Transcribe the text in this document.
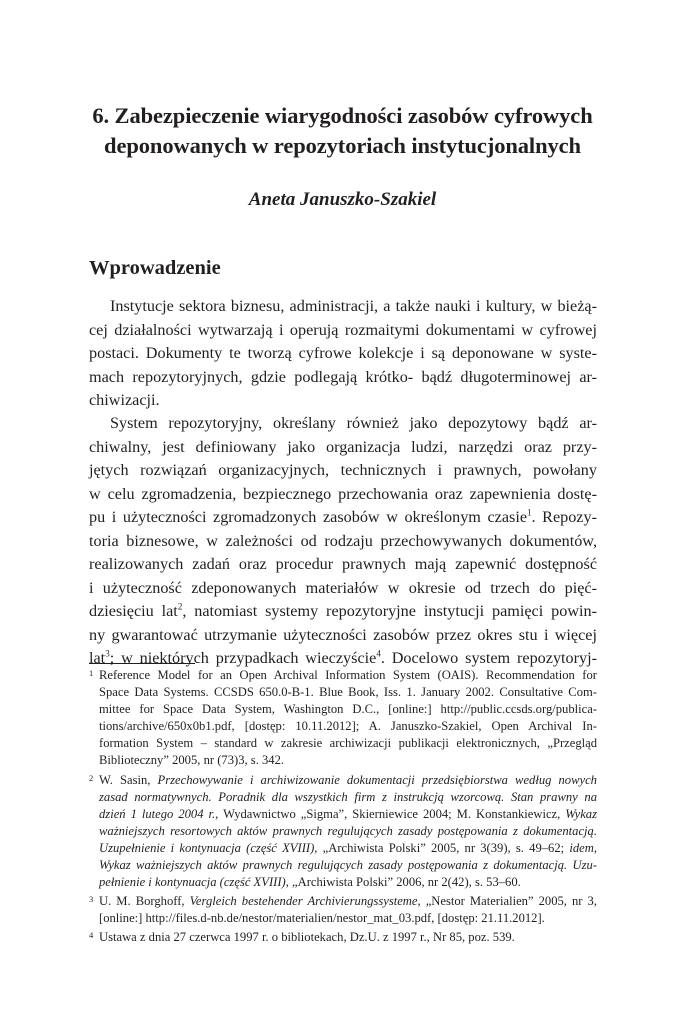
6. Zabezpieczenie wiarygodności zasobów cyfrowych
deponowanych w repozytoriach instytucjonalnych

Aneta Januszko-Szakiel

Wprowadzenie
Instytucje sektora biznesu, administracji, a także nauki i kultury, w bieżą-
cej działalności wytwarzają i operują rozmaitymi dokumentami w cyfrowej
postaci. Dokumenty te tworzą cyfrowe kolekcje i są deponowane w syste-
mach repozytoryjnych, gdzie podlegają krótko- bądź długoterminowej ar-
chiwizacji.
System repozytoryjny, określany również jako depozytowy bądź ar-
chiwalny, jest definiowany jako organizacja ludzi, narzędzi oraz przy-
jętych rozwiązań organizacyjnych, technicznych i prawnych, powołany
w celu zgromadzenia, bezpiecznego przechowania oraz zapewnienia dostę-
pu i użyteczności zgromadzonych zasobów w określonym czasie$^1$. Repozy-
toria biznesowe, w zależności od rodzaju przechowywanych dokumentów,
realizowanych zadań oraz procedur prawnych mają zapewnić dostępność
i użyteczność zdeponowanych materiałów w okresie od trzech do pięć-
dziesięciu lat$^2$, natomiast systemy repozytoryjne instytucji pamięci powin-
ny gwarantować utrzymanie użyteczności zasobów przez okres stu i więcej
lat$^3$; w niektórych przypadkach wieczyście$^4$. Docelowo system repozytoryj-
1 Reference Model for an Open Archival Information System (OAIS). Recommendation for
Space Data Systems. CCSDS 650.0-B-1. Blue Book, Iss. 1. January 2002. Consultative Com-
mittee for Space Data System, Washington D.C., [online:] http://public.ccsds.org/publica-
tions/archive/650x0b1.pdf, [dostęp: 10.11.2012]; A. Januszko-Szakiel, Open Archival In-
formation System – standard w zakresie archiwizacji publikacji elektronicznych, „Przegląd
Biblioteczny” 2005, nr (73)3, s. 342.
2 W. Sasin, Przechowywanie i archiwizowanie dokumentacji przedsiębiorstwa według nowych
zasad normatywnych. Poradnik dla wszystkich firm z instrukcją wzorcową. Stan prawny na
dzień 1 lutego 2004 r., Wydawnictwo „Sigma”, Skierniewice 2004; M. Konstankiewicz, Wykaz
ważniejszych resortowych aktów prawnych regulujących zasady postępowania z dokumentacją.
Uzupełnienie i kontynuacja (część XVIII), „Archiwista Polski” 2005, nr 3(39), s. 49–62; idem,
Wykaz ważniejszych aktów prawnych regulujących zasady postępowania z dokumentacją. Uzu-
pełnienie i kontynuacja (część XVIII), „Archiwista Polski” 2006, nr 2(42), s. 53–60.
3 U. M. Borghoff, Vergleich bestehender Archivierungssysteme, „Nestor Materialien” 2005, nr 3,
[online:] http://files.d-nb.de/nestor/materialien/nestor_mat_03.pdf, [dostęp: 21.11.2012].
4 Ustawa z dnia 27 czerwca 1997 r. o bibliotekach, Dz.U. z 1997 r., Nr 85, poz. 539.
